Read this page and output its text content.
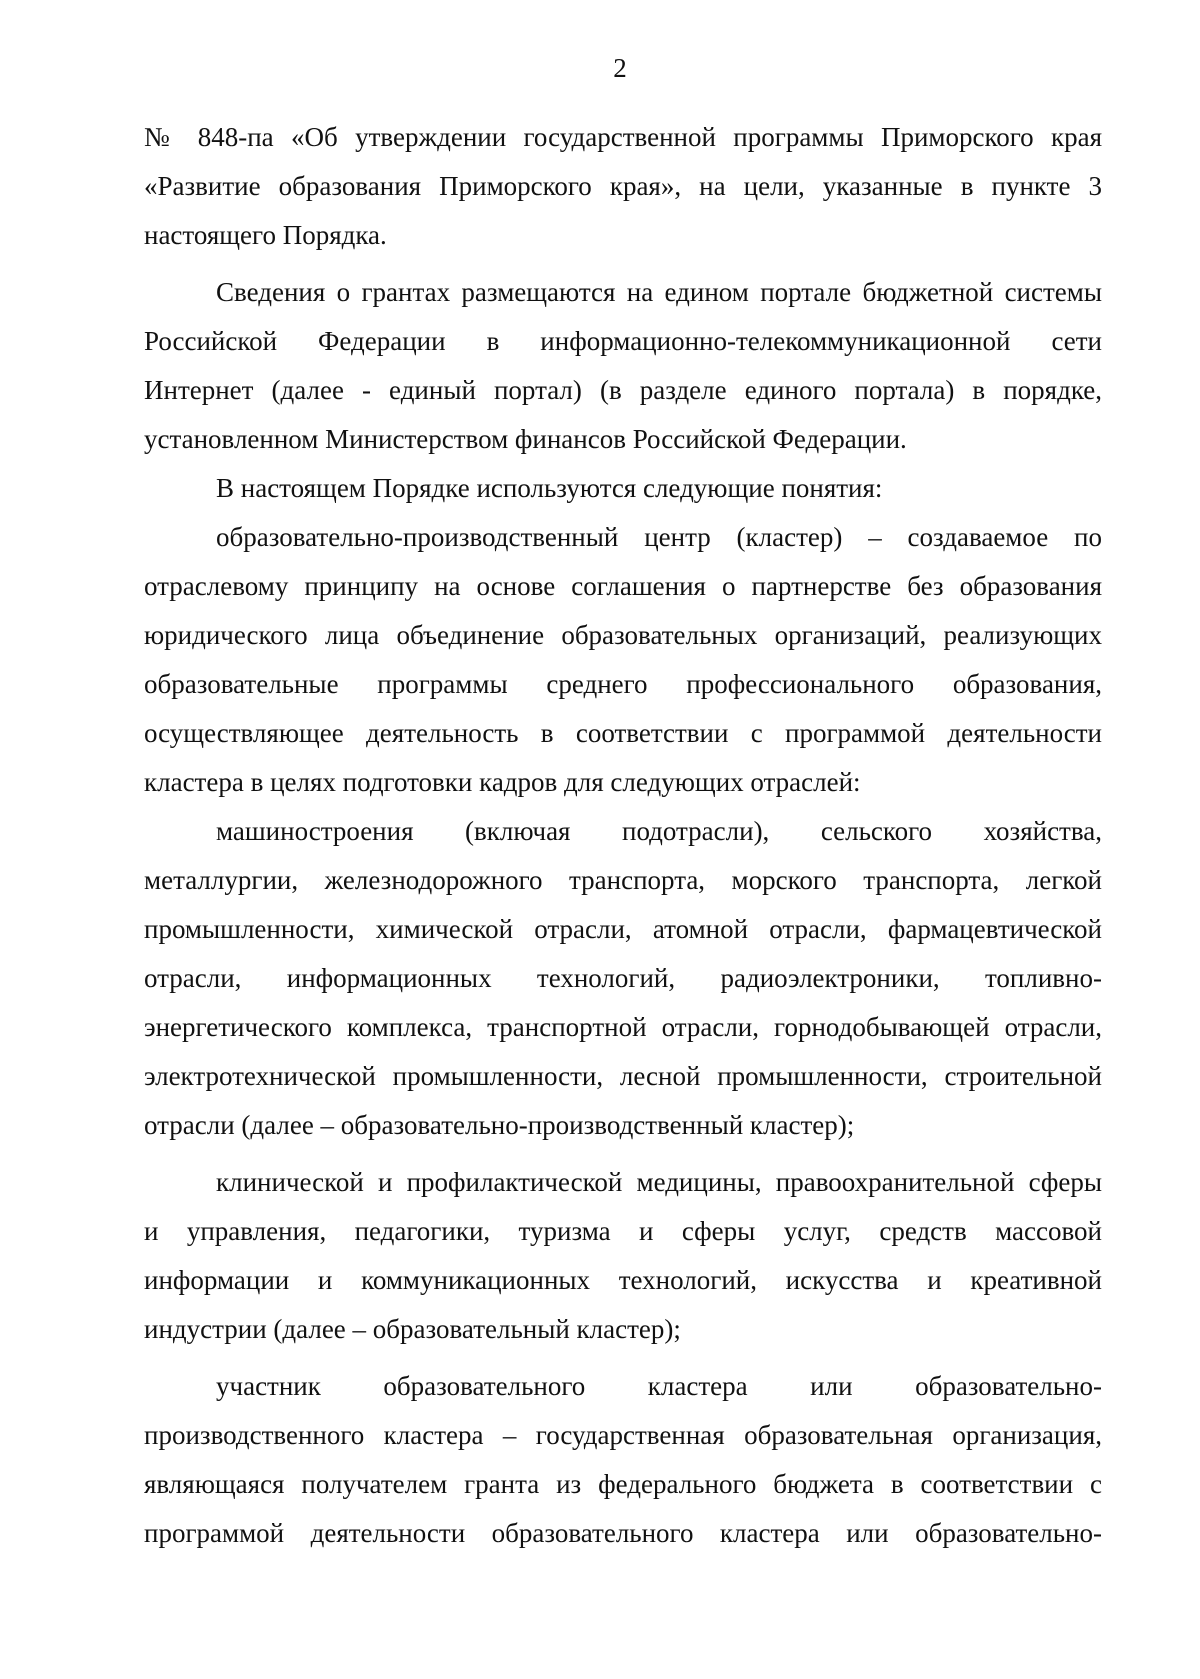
2

№ 848-па «Об утверждении государственной программы Приморского края
«Развитие образования Приморского края», на цели, указанные в пункте 3
настоящего Порядка.

Сведения о грантах размещаются на едином портале бюджетной системы
Российской Федерации в информационно-телекоммуникационной сети
Интернет (далее - единый портал) (в разделе единого портала) в порядке,
установленном Министерством финансов Российской Федерации.

В настоящем Порядке используются следующие понятия:

образовательно-производственный центр (кластер) – создаваемое по
отраслевому принципу на основе соглашения о партнерстве без образования
юридического лица объединение образовательных организаций, реализующих
образовательные программы среднего профессионального образования,
осуществляющее деятельность в соответствии с программой деятельности
кластера в целях подготовки кадров для следующих отраслей:

машиностроения (включая подотрасли), сельского хозяйства,
металлургии, железнодорожного транспорта, морского транспорта, легкой
промышленности, химической отрасли, атомной отрасли, фармацевтической
отрасли, информационных технологий, радиоэлектроники, топливно-
энергетического комплекса, транспортной отрасли, горнодобывающей отрасли,
электротехнической промышленности, лесной промышленности, строительной
отрасли (далее – образовательно-производственный кластер);

клинической и профилактической медицины, правоохранительной сферы
и управления, педагогики, туризма и сферы услуг, средств массовой
информации и коммуникационных технологий, искусства и креативной
индустрии (далее – образовательный кластер);

участник образовательного кластера или образовательно-
производственного кластера – государственная образовательная организация,
являющаяся получателем гранта из федерального бюджета в соответствии с
программой деятельности образовательного кластера или образовательно-
